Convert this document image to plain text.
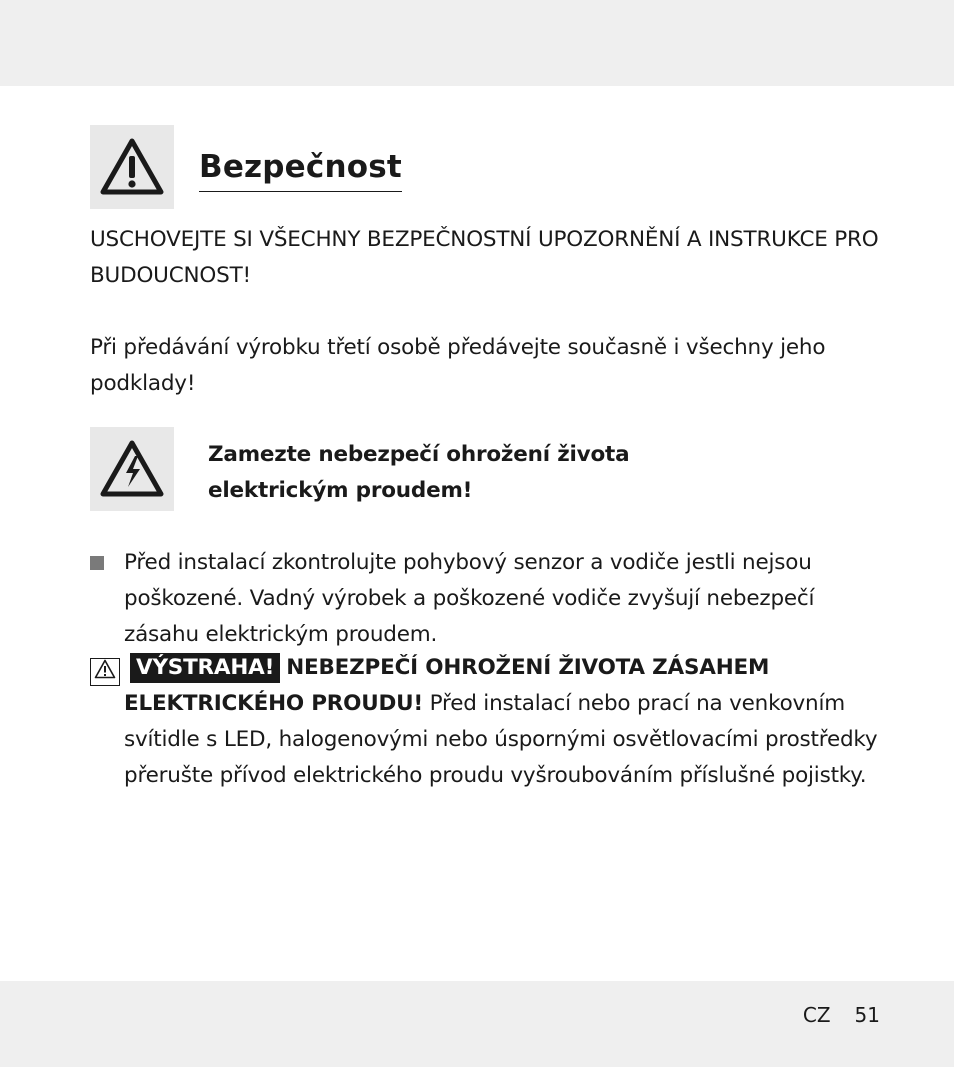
Bezpečnost
USCHOVEJTE SI VŠECHNY BEZPEČNOSTNÍ UPOZORNĚNÍ A INSTRUKCE PRO BUDOUCNOST!
Při předávání výrobku třetí osobě předávejte současně i všechny jeho podklady!
Zamezte nebezpečí ohrožení života
elektrickým proudem!
Před instalací zkontrolujte pohybový senzor a vodiče jestli nejsou poškozené. Vadný výrobek a poškozené vodiče zvyšují nebezpečí zásahu elektrickým proudem.
VÝSTRAHA! NEBEZPEČÍ OHROŽENÍ ŽIVOTA ZÁSAHEM
ELEKTRICKÉHO PROUDU! Před instalací nebo prací na venkovním svítidle s LED, halogenovými nebo úspornými osvětlovacími prostředky přerušte přívod elektrického proudu vyšroubováním příslušné pojistky.
CZ 51
